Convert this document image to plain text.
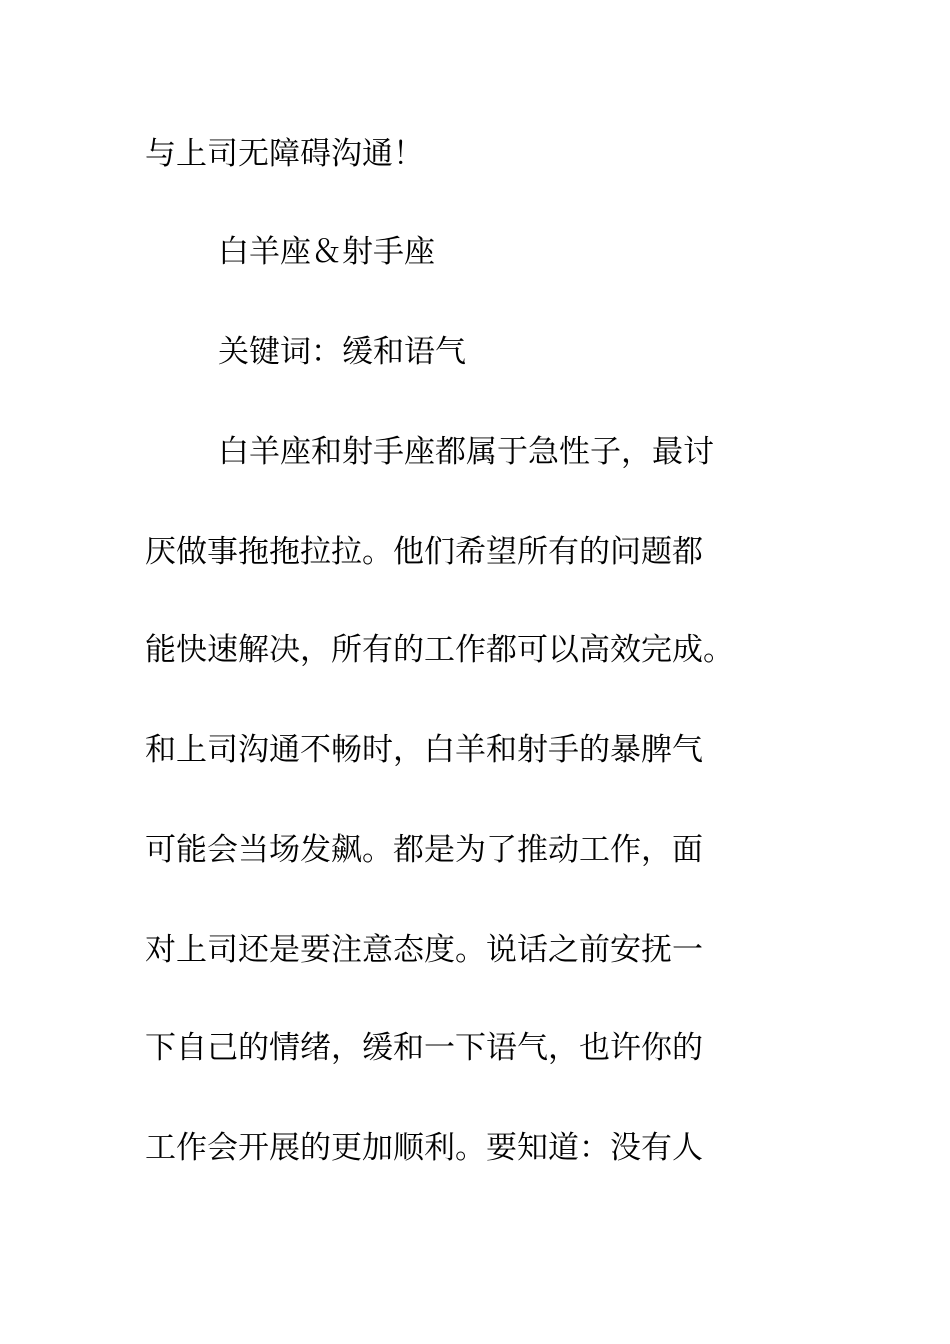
与上司无障碍沟通！
白羊座＆射手座
关键词：缓和语气
白羊座和射手座都属于急性子，最讨
厌做事拖拖拉拉。他们希望所有的问题都
能快速解决，所有的工作都可以高效完成。
和上司沟通不畅时，白羊和射手的暴脾气
可能会当场发飙。都是为了推动工作，面
对上司还是要注意态度。说话之前安抚一
下自己的情绪，缓和一下语气，也许你的
工作会开展的更加顺利。要知道：没有人
